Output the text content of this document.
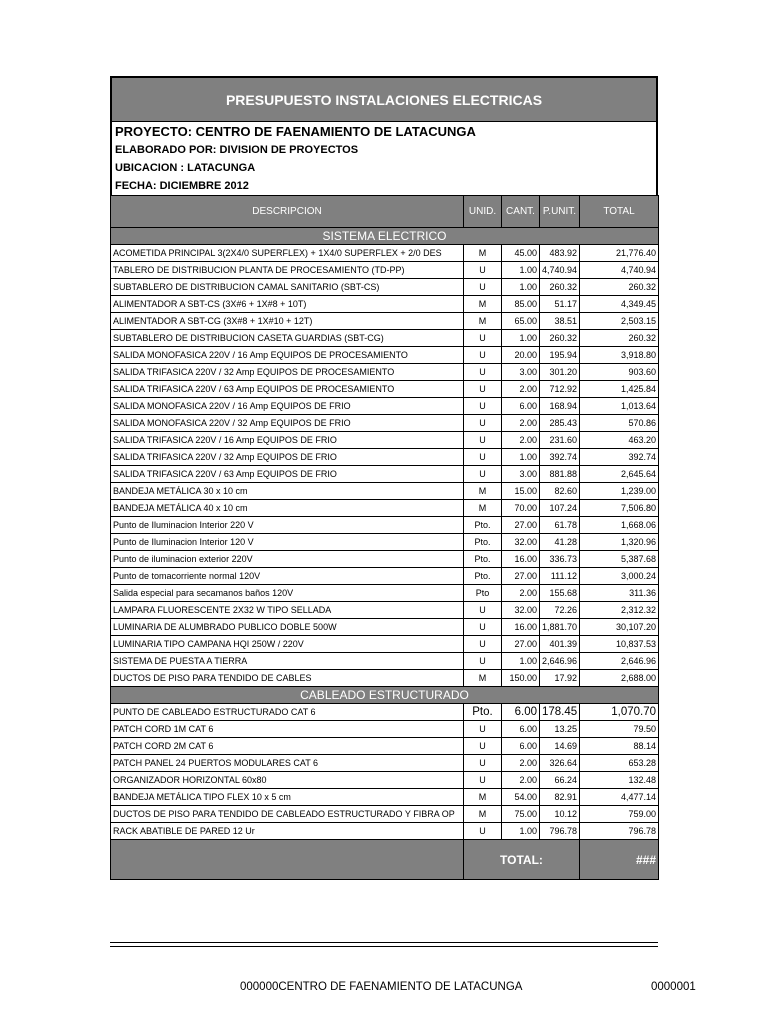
PRESUPUESTO INSTALACIONES ELECTRICAS
PROYECTO: CENTRO DE FAENAMIENTO DE LATACUNGA
ELABORADO POR: DIVISION DE PROYECTOS
UBICACION : LATACUNGA
FECHA: DICIEMBRE 2012
DESCRIPCION	UNID.	CANT.	P.UNIT.	TOTAL
SISTEMA ELECTRICO				
ACOMETIDA PRINCIPAL 3(2X4/0 SUPERFLEX) + 1X4/0 SUPERFLEX + 2/0 DES	M	45.00	483.92	21,776.40
TABLERO DE DISTRIBUCION PLANTA DE PROCESAMIENTO (TD-PP)	U	1.00	4,740.94	4,740.94
SUBTABLERO DE DISTRIBUCION CAMAL SANITARIO (SBT-CS)	U	1.00	260.32	260.32
ALIMENTADOR A SBT-CS (3X#6 + 1X#8 + 10T)	M	85.00	51.17	4,349.45
ALIMENTADOR A SBT-CG (3X#8 + 1X#10 + 12T)	M	65.00	38.51	2,503.15
SUBTABLERO DE DISTRIBUCION CASETA GUARDIAS (SBT-CG)	U	1.00	260.32	260.32
SALIDA MONOFASICA 220V / 16 Amp EQUIPOS DE PROCESAMIENTO	U	20.00	195.94	3,918.80
SALIDA TRIFASICA 220V / 32 Amp EQUIPOS DE PROCESAMIENTO	U	3.00	301.20	903.60
SALIDA TRIFASICA 220V / 63 Amp EQUIPOS DE PROCESAMIENTO	U	2.00	712.92	1,425.84
SALIDA MONOFASICA 220V / 16 Amp EQUIPOS DE FRIO	U	6.00	168.94	1,013.64
SALIDA MONOFASICA 220V / 32 Amp EQUIPOS DE FRIO	U	2.00	285.43	570.86
SALIDA TRIFASICA 220V / 16 Amp EQUIPOS DE FRIO	U	2.00	231.60	463.20
SALIDA TRIFASICA 220V / 32 Amp EQUIPOS DE FRIO	U	1.00	392.74	392.74
SALIDA TRIFASICA 220V / 63 Amp EQUIPOS DE FRIO	U	3.00	881.88	2,645.64
BANDEJA METÁLICA 30 x 10 cm	M	15.00	82.60	1,239.00
BANDEJA METÁLICA 40 x 10 cm	M	70.00	107.24	7,506.80
Punto de Iluminacion Interior 220 V	Pto.	27.00	61.78	1,668.06
Punto de Iluminacion Interior 120 V	Pto.	32.00	41.28	1,320.96
Punto de iluminacion exterior 220V	Pto.	16.00	336.73	5,387.68
Punto de tomacorriente normal 120V	Pto.	27.00	111.12	3,000.24
Salida especial para secamanos baños 120V	Pto	2.00	155.68	311.36
LAMPARA FLUORESCENTE 2X32 W TIPO SELLADA	U	32.00	72.26	2,312.32
LUMINARIA DE ALUMBRADO PUBLICO DOBLE 500W	U	16.00	1,881.70	30,107.20
LUMINARIA TIPO CAMPANA HQI 250W / 220V	U	27.00	401.39	10,837.53
SISTEMA DE PUESTA A TIERRA	U	1.00	2,646.96	2,646.96
DUCTOS DE PISO PARA TENDIDO DE CABLES	M	150.00	17.92	2,688.00
CABLEADO ESTRUCTURADO				
PUNTO DE CABLEADO ESTRUCTURADO CAT 6	Pto.	6.00	178.45	1,070.70
PATCH CORD 1M CAT 6	U	6.00	13.25	79.50
PATCH CORD 2M CAT 6	U	6.00	14.69	88.14
PATCH PANEL 24 PUERTOS MODULARES CAT 6	U	2.00	326.64	653.28
ORGANIZADOR HORIZONTAL 60x80	U	2.00	66.24	132.48
BANDEJA METÁLICA TIPO FLEX 10 x 5 cm	M	54.00	82.91	4,477.14
DUCTOS DE PISO PARA TENDIDO DE CABLEADO ESTRUCTURADO Y FIBRA OP	M	75.00	10.12	759.00
RACK ABATIBLE DE PARED 12 Ur	U	1.00	796.78	796.78
	TOTAL:			###
000000CENTRO DE FAENAMIENTO DE LATACUNGA	0000001
